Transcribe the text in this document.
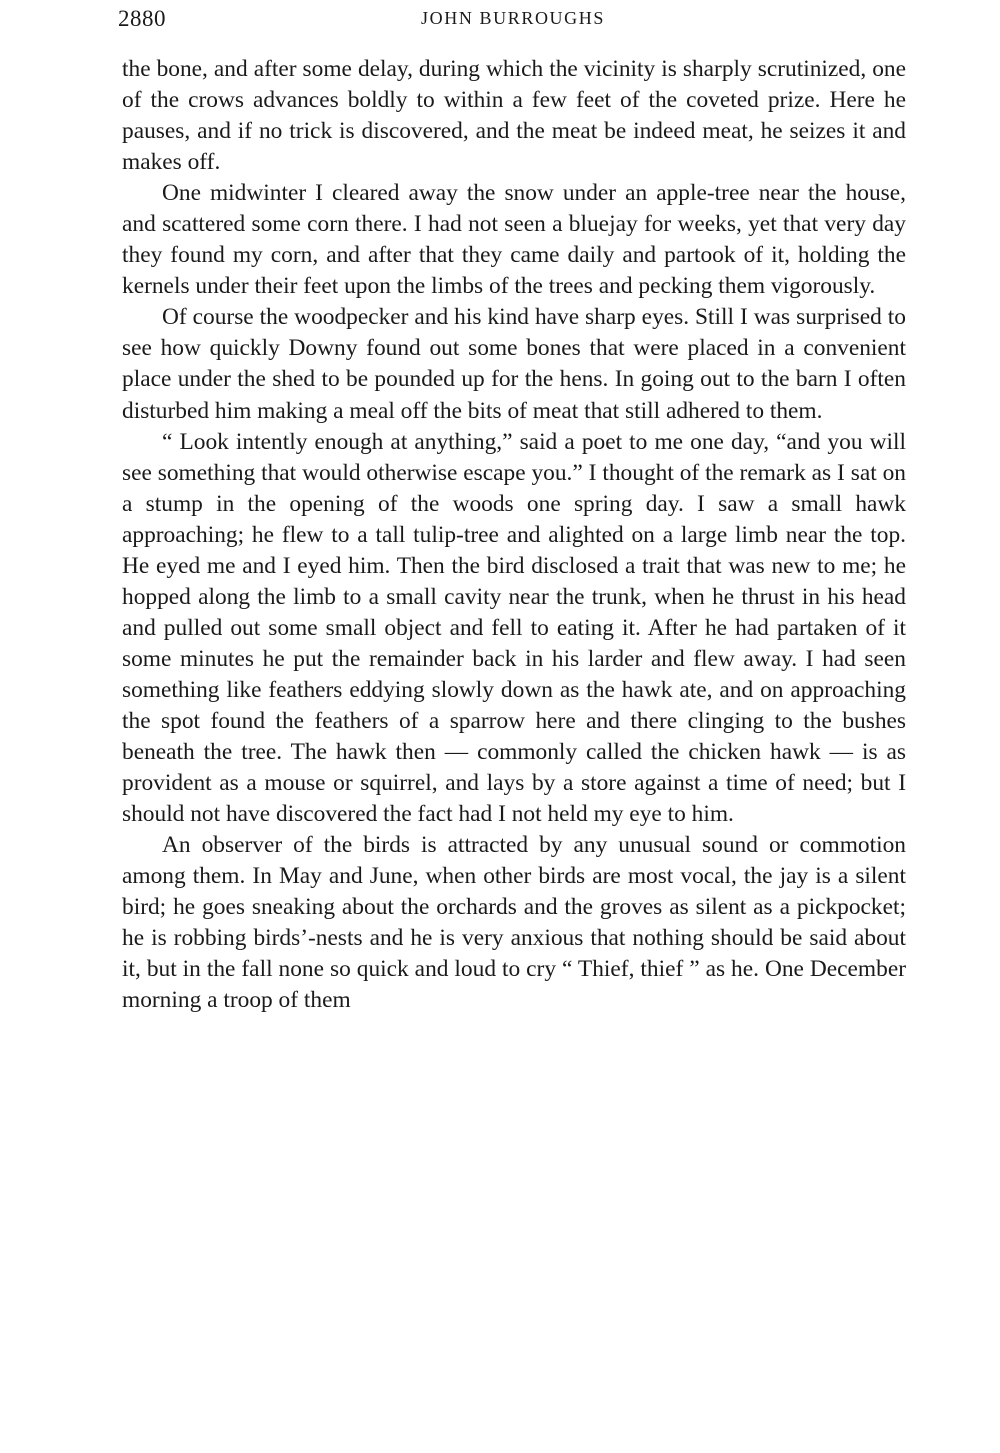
2880	JOHN BURROUGHS

the bone, and after some delay, during which the vicinity is sharply scrutinized, one of the crows advances boldly to within a few feet of the coveted prize. Here he pauses, and if no trick is discovered, and the meat be indeed meat, he seizes it and makes off.

One midwinter I cleared away the snow under an apple-tree near the house, and scattered some corn there. I had not seen a bluejay for weeks, yet that very day they found my corn, and after that they came daily and partook of it, holding the kernels under their feet upon the limbs of the trees and pecking them vigorously.

Of course the woodpecker and his kind have sharp eyes. Still I was surprised to see how quickly Downy found out some bones that were placed in a convenient place under the shed to be pounded up for the hens. In going out to the barn I often disturbed him making a meal off the bits of meat that still adhered to them.

“ Look intently enough at anything,” said a poet to me one day, “and you will see something that would otherwise escape you.” I thought of the remark as I sat on a stump in the opening of the woods one spring day. I saw a small hawk approaching; he flew to a tall tulip-tree and alighted on a large limb near the top. He eyed me and I eyed him. Then the bird disclosed a trait that was new to me; he hopped along the limb to a small cavity near the trunk, when he thrust in his head and pulled out some small object and fell to eating it. After he had partaken of it some minutes he put the remainder back in his larder and flew away. I had seen something like feathers eddying slowly down as the hawk ate, and on approaching the spot found the feathers of a sparrow here and there clinging to the bushes beneath the tree. The hawk then — commonly called the chicken hawk — is as provident as a mouse or squirrel, and lays by a store against a time of need; but I should not have discovered the fact had I not held my eye to him.

An observer of the birds is attracted by any unusual sound or commotion among them. In May and June, when other birds are most vocal, the jay is a silent bird; he goes sneaking about the orchards and the groves as silent as a pickpocket; he is robbing birds’-nests and he is very anxious that nothing should be said about it, but in the fall none so quick and loud to cry “ Thief, thief ” as he. One December morning a troop of them
